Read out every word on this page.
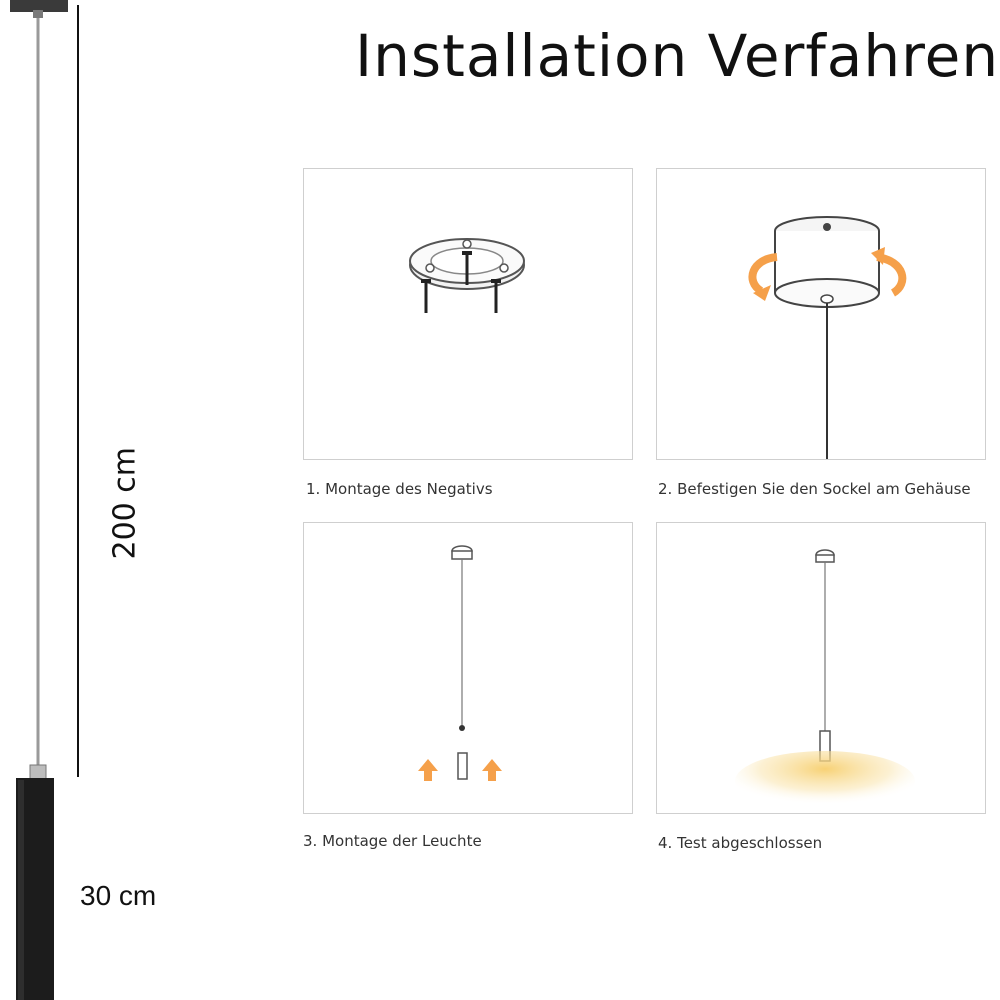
200 cm
30 cm
Installation Verfahren
1. Montage des Negativs	2. Befestigen Sie den Sockel am Gehäuse
3. Montage der Leuchte	4. Test abgeschlossen
